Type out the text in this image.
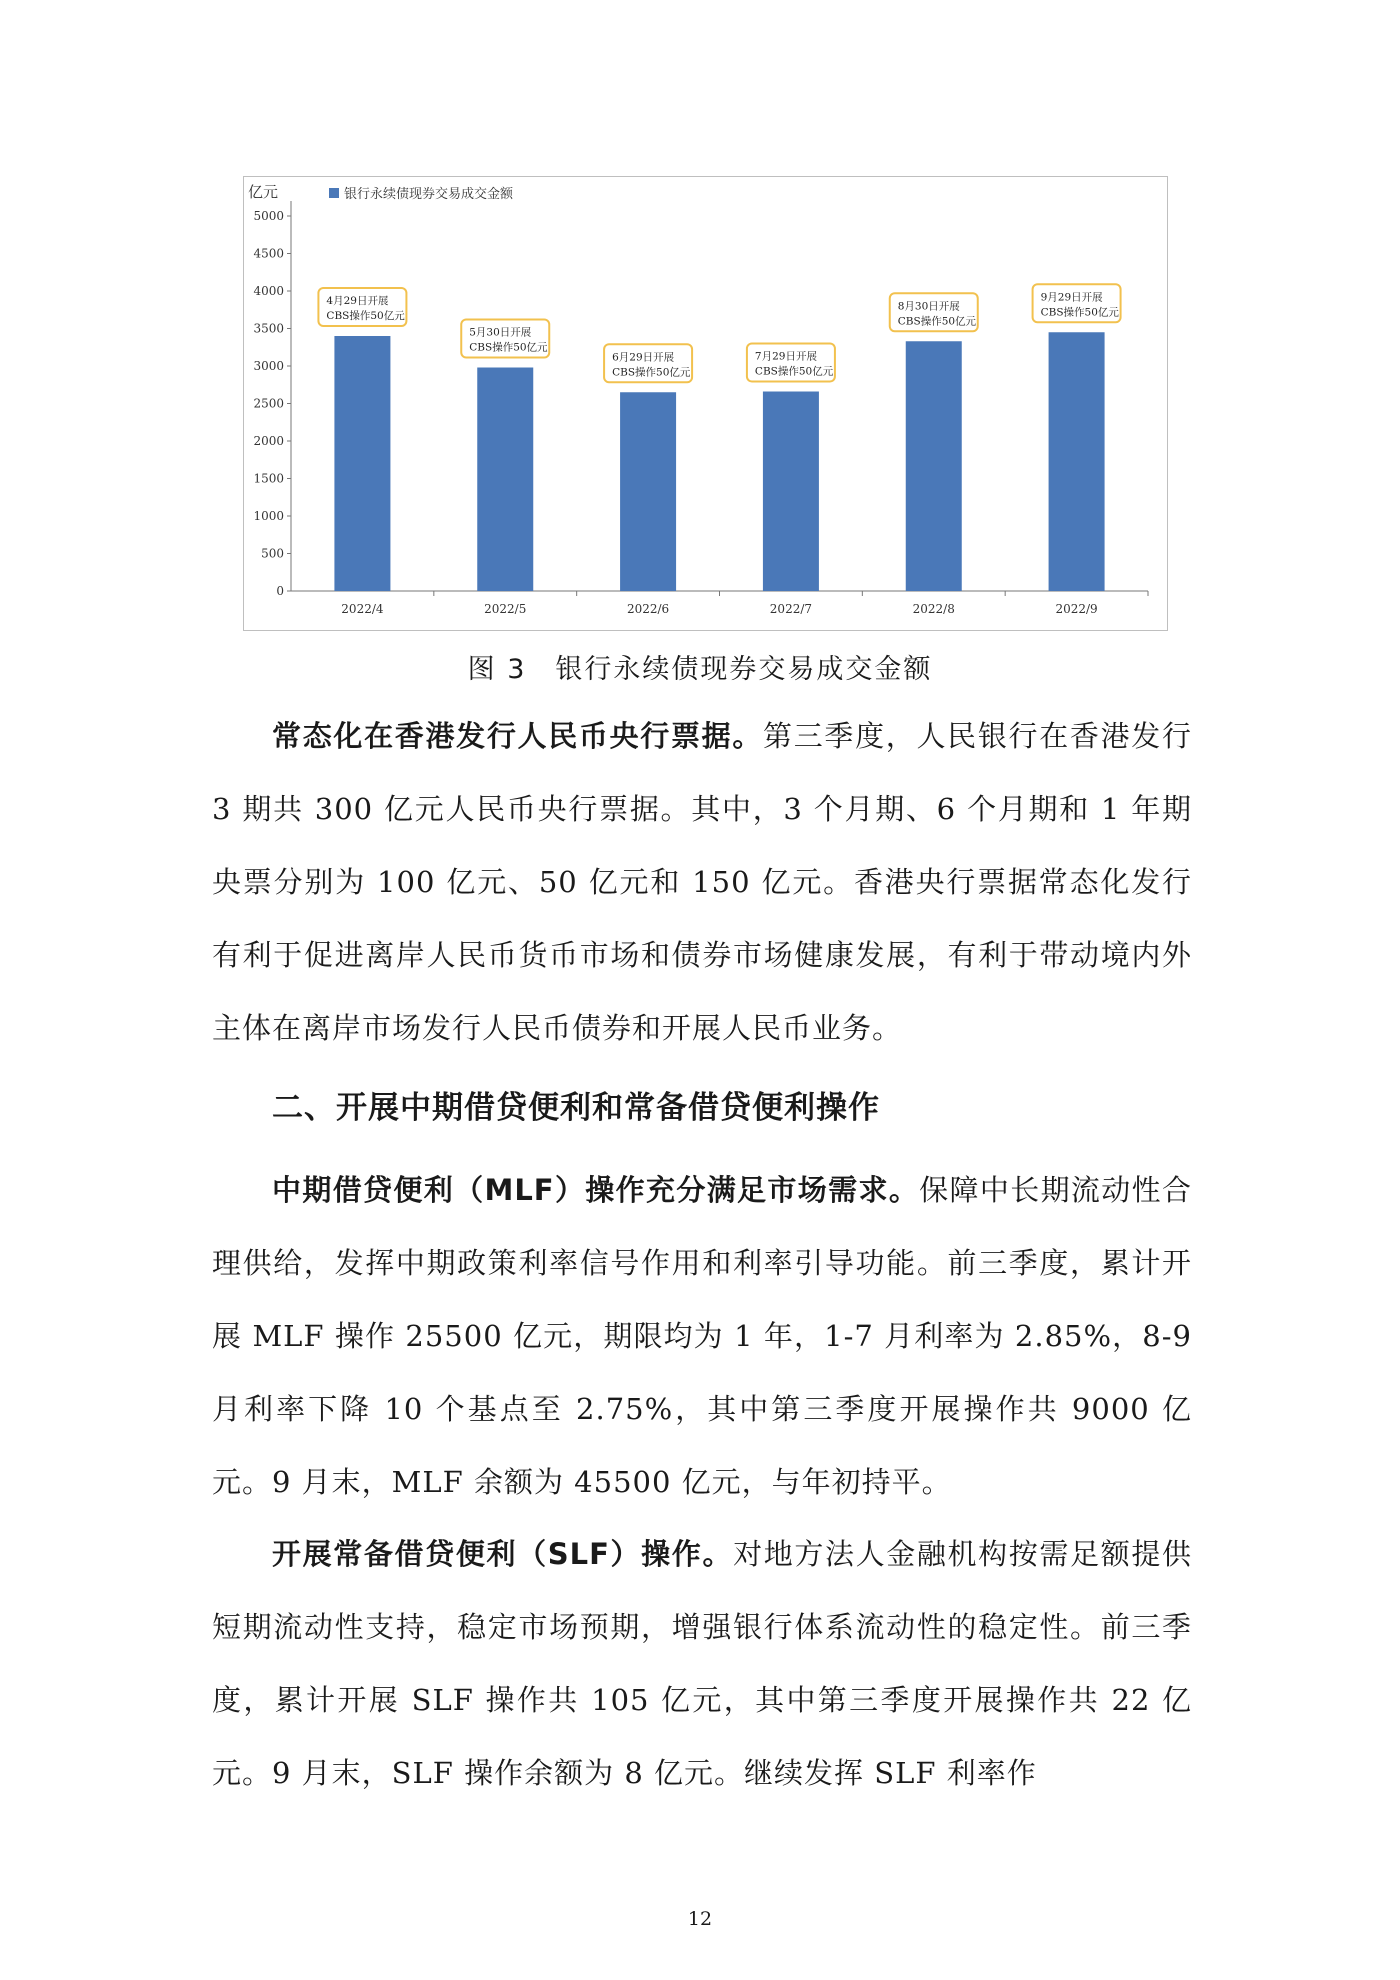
亿元	银行永续债现券交易成交金额
0
500
1000
1500
2000
2500
3000
3500
4000
4500
5000
2022/4
4月29日开展
CBS操作50亿元
2022/5
5月30日开展
CBS操作50亿元
2022/6
6月29日开展
CBS操作50亿元
2022/7
7月29日开展
CBS操作50亿元
2022/8
8月30日开展
CBS操作50亿元
2022/9
9月29日开展
CBS操作50亿元
图 3　银行永续债现券交易成交金额

常态化在香港发行人民币央行票据。第三季度，人民银行在香港发行 3 期共 300 亿元人民币央行票据。其中，3 个月期、6 个月期和 1 年期央票分别为 100 亿元、50 亿元和 150 亿元。香港央行票据常态化发行有利于促进离岸人民币货币市场和债券市场健康发展，有利于带动境内外主体在离岸市场发行人民币债券和开展人民币业务。

二、开展中期借贷便利和常备借贷便利操作

中期借贷便利（MLF）操作充分满足市场需求。保障中长期流动性合理供给，发挥中期政策利率信号作用和利率引导功能。前三季度，累计开展 MLF 操作 25500 亿元，期限均为 1 年，1-7 月利率为 2.85%，8-9 月利率下降 10 个基点至 2.75%，其中第三季度开展操作共 9000 亿元。9 月末，MLF 余额为 45500 亿元，与年初持平。

开展常备借贷便利（SLF）操作。对地方法人金融机构按需足额提供短期流动性支持，稳定市场预期，增强银行体系流动性的稳定性。前三季度，累计开展 SLF 操作共 105 亿元，其中第三季度开展操作共 22 亿元。9 月末，SLF 操作余额为 8 亿元。继续发挥 SLF 利率作

12
